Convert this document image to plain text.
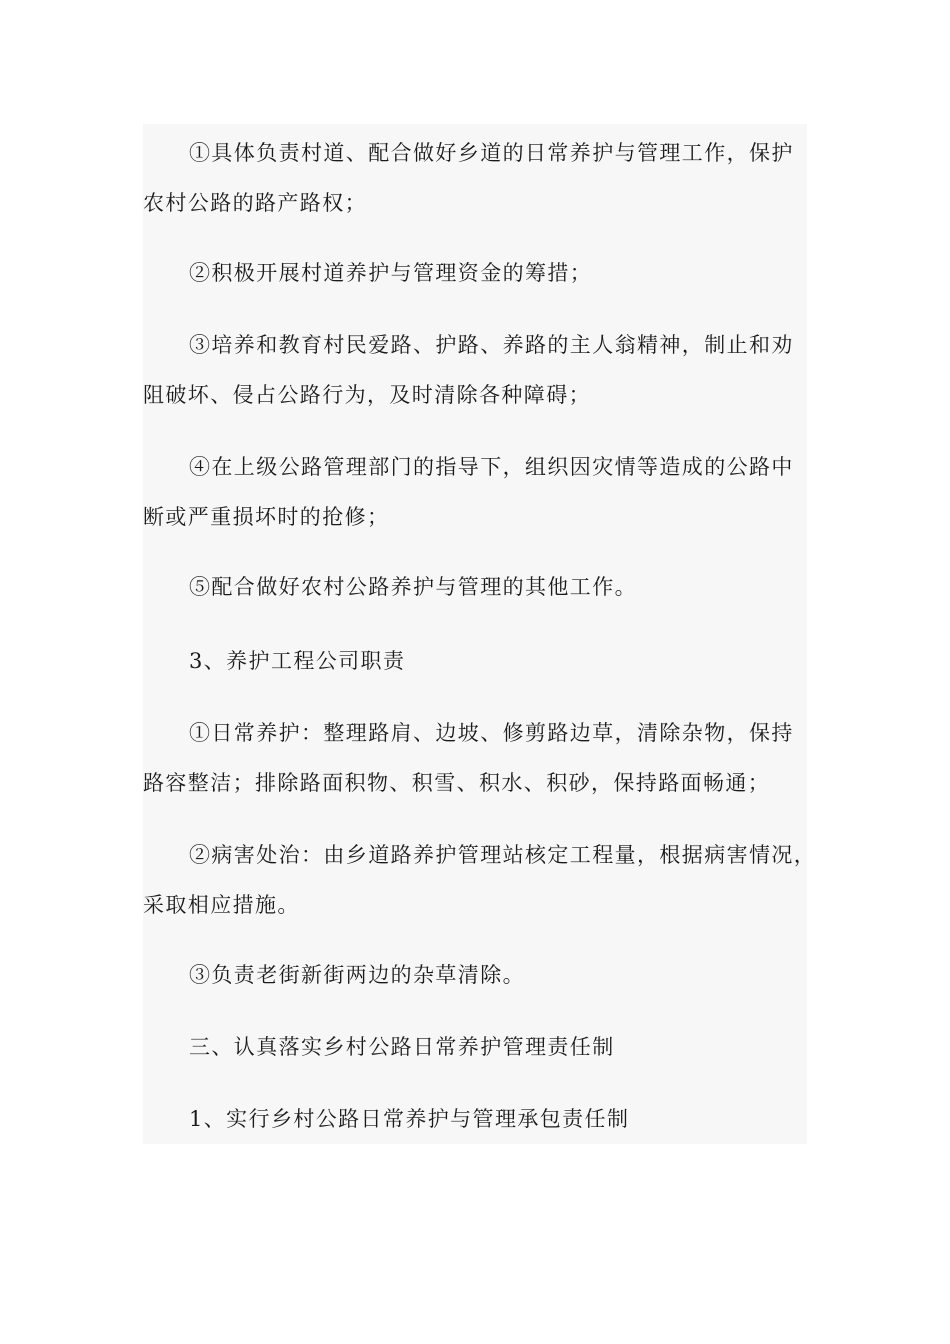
①具体负责村道、配合做好乡道的日常养护与管理工作，保护
农村公路的路产路权；
②积极开展村道养护与管理资金的筹措；
③培养和教育村民爱路、护路、养路的主人翁精神，制止和劝
阻破坏、侵占公路行为，及时清除各种障碍；
④在上级公路管理部门的指导下，组织因灾情等造成的公路中
断或严重损坏时的抢修；
⑤配合做好农村公路养护与管理的其他工作。
3、养护工程公司职责
①日常养护：整理路肩、边坡、修剪路边草，清除杂物，保持
路容整洁；排除路面积物、积雪、积水、积砂，保持路面畅通；
②病害处治：由乡道路养护管理站核定工程量，根据病害情况，
采取相应措施。
③负责老街新街两边的杂草清除。
三、认真落实乡村公路日常养护管理责任制
1、实行乡村公路日常养护与管理承包责任制
